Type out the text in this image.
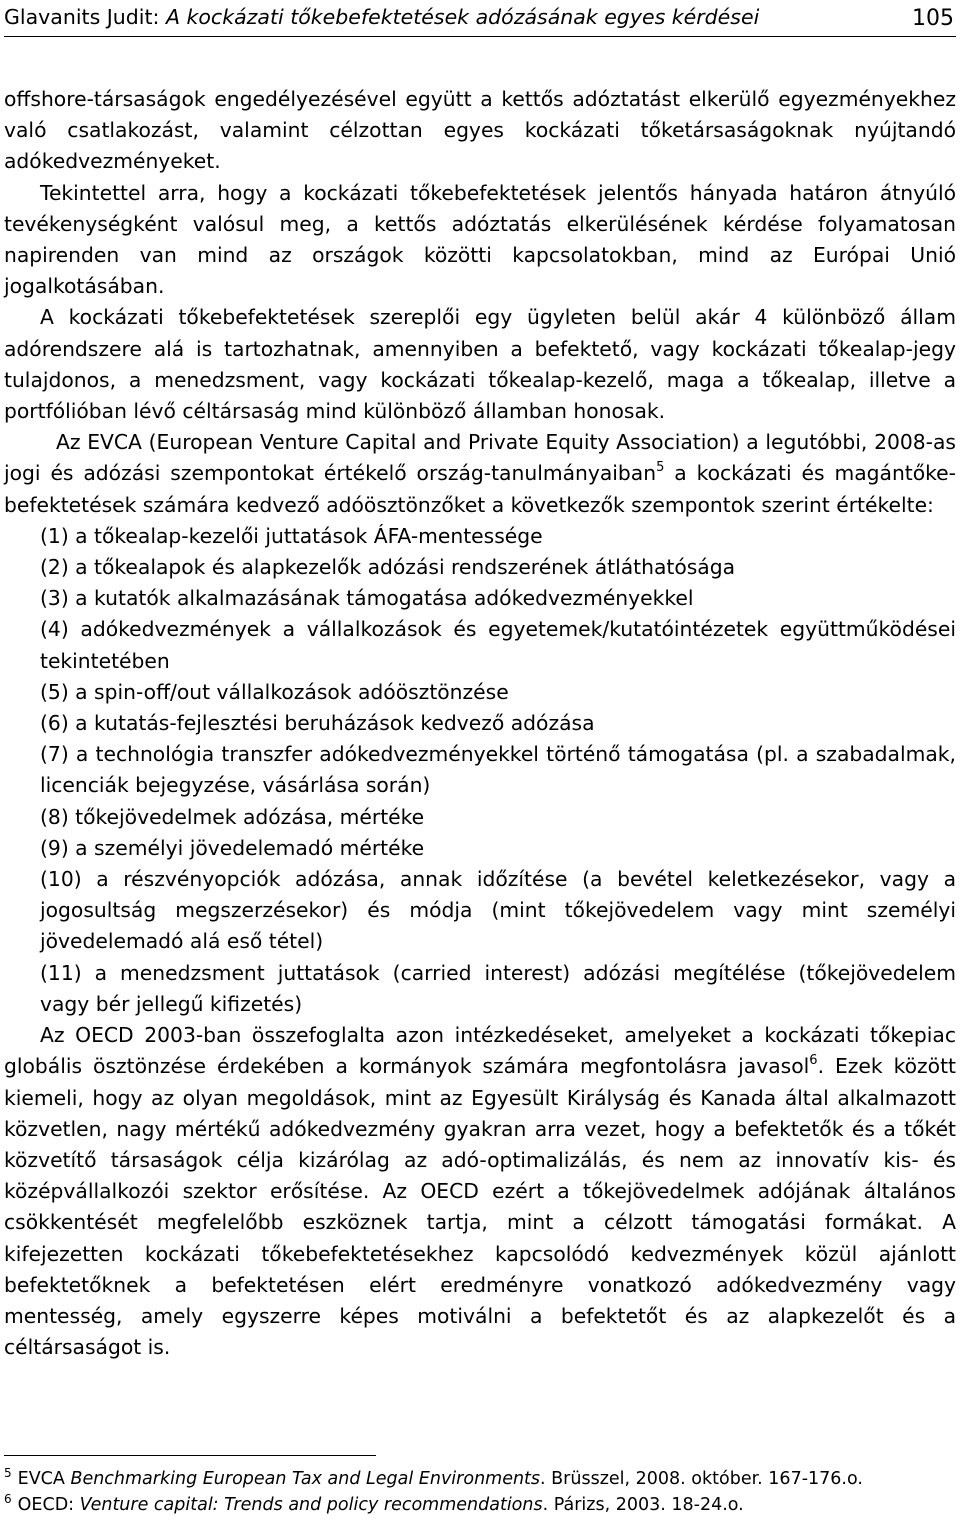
Glavanits Judit: A kockázati tőkebefektetések adózásának egyes kérdései	105

offshore-társaságok engedélyezésével együtt a kettős adóztatást elkerülő egyezményekhez való csatlakozást, valamint célzottan egyes kockázati tőketársaságoknak nyújtandó adókedvezményeket.

Tekintettel arra, hogy a kockázati tőkebefektetések jelentős hányada határon átnyúló tevékenységként valósul meg, a kettős adóztatás elkerülésének kérdése folyamatosan napirenden van mind az országok közötti kapcsolatokban, mind az Európai Unió jogalkotásában.

A kockázati tőkebefektetések szereplői egy ügyleten belül akár 4 különböző állam adórendszere alá is tartozhatnak, amennyiben a befektető, vagy kockázati tőkealap-jegy tulajdonos, a menedzsment, vagy kockázati tőkealap-kezelő, maga a tőkealap, illetve a portfólióban lévő céltársaság mind különböző államban honosak.

Az EVCA (European Venture Capital and Private Equity Association) a legutóbbi, 2008-as jogi és adózási szempontokat értékelő ország-tanulmányaiban$^5$ a kockázati és magántőke-befektetések számára kedvező adóösztönzőket a következők szempontok szerint értékelte:

(1) a tőkealap-kezelői juttatások ÁFA-mentessége
(2) a tőkealapok és alapkezelők adózási rendszerének átláthatósága
(3) a kutatók alkalmazásának támogatása adókedvezményekkel
(4) adókedvezmények a vállalkozások és egyetemek/kutatóintézetek együttműködései tekintetében
(5) a spin-off/out vállalkozások adóösztönzése
(6) a kutatás-fejlesztési beruházások kedvező adózása
(7) a technológia transzfer adókedvezményekkel történő támogatása (pl. a szabadalmak, licenciák bejegyzése, vásárlása során)
(8) tőkejövedelmek adózása, mértéke
(9) a személyi jövedelemadó mértéke
(10) a részvényopciók adózása, annak időzítése (a bevétel keletkezésekor, vagy a jogosultság megszerzésekor) és módja (mint tőkejövedelem vagy mint személyi jövedelemadó alá eső tétel)
(11) a menedzsment juttatások (carried interest) adózási megítélése (tőkejövedelem vagy bér jellegű kifizetés)

Az OECD 2003-ban összefoglalta azon intézkedéseket, amelyeket a kockázati tőkepiac globális ösztönzése érdekében a kormányok számára megfontolásra javasol$^6$. Ezek között kiemeli, hogy az olyan megoldások, mint az Egyesült Királyság és Kanada által alkalmazott közvetlen, nagy mértékű adókedvezmény gyakran arra vezet, hogy a befektetők és a tőkét közvetítő társaságok célja kizárólag az adó-optimalizálás, és nem az innovatív kis- és középvállalkozói szektor erősítése. Az OECD ezért a tőkejövedelmek adójának általános csökkentését megfelelőbb eszköznek tartja, mint a célzott támogatási formákat. A kifejezetten kockázati tőkebefektetésekhez kapcsolódó kedvezmények közül ajánlott befektetőknek a befektetésen elért eredményre vonatkozó adókedvezmény vagy mentesség, amely egyszerre képes motiválni a befektetőt és az alapkezelőt és a céltársaságot is.

$^5$ EVCA Benchmarking European Tax and Legal Environments. Brüsszel, 2008. október. 167-176.o.

$^6$ OECD: Venture capital: Trends and policy recommendations. Párizs, 2003. 18-24.o.
